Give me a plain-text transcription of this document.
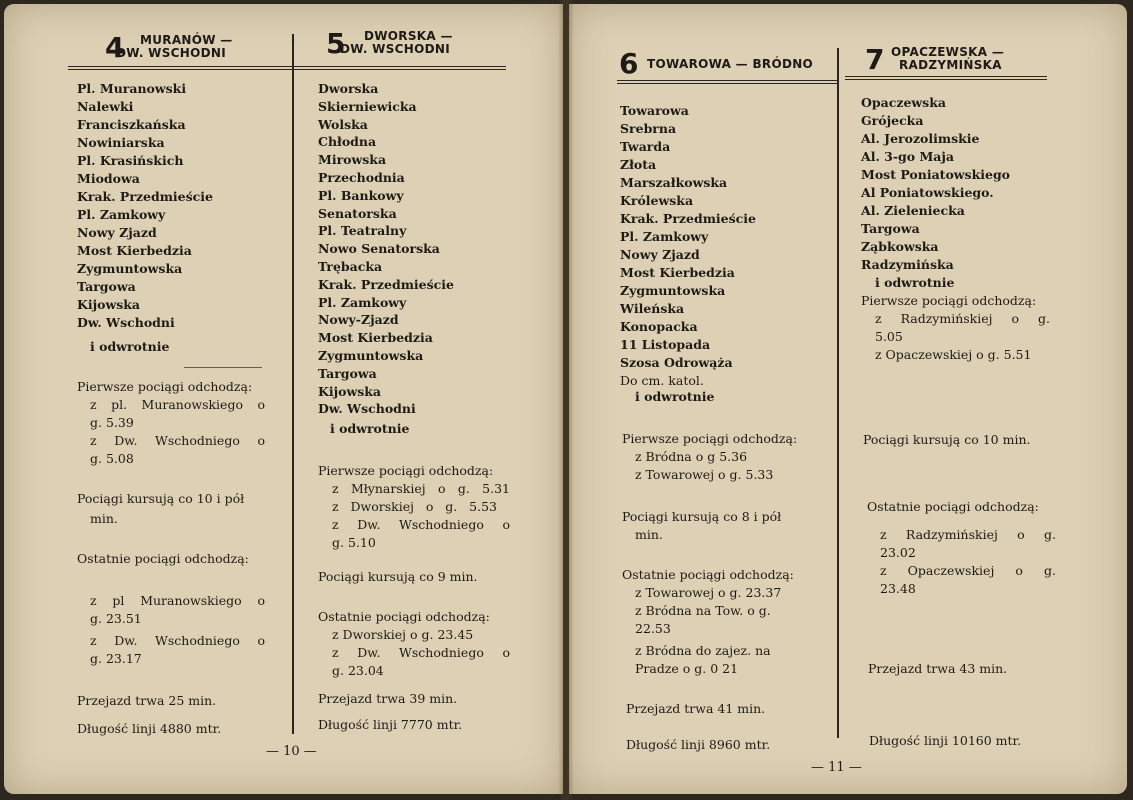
4	MURANÓW —
DW. WSCHODNI	5	DWORSKA —
DW. WSCHODNI
Pl. Muranowski
Nalewki
Franciszkańska
Nowiniarska
Pl. Krasińskich
Miodowa
Krak. Przedmieście
Pl. Zamkowy
Nowy Zjazd
Most Kierbedzia
Zygmuntowska
Targowa
Kijowska
Dw. Wschodni
i odwrotnie
Pierwsze pociągi odchodzą:
z pl. Muranowskiego o
g. 5.39
z Dw. Wschodniego o
g. 5.08
Pociągi kursują co 10 i pół
min.
Ostatnie pociągi odchodzą:
z pl Muranowskiego o
g. 23.51
z Dw. Wschodniego o
g. 23.17
Przejazd trwa 25 min.
Długość linji 4880 mtr.
Dworska
Skierniewicka
Wolska
Chłodna
Mirowska
Przechodnia
Pl. Bankowy
Senatorska
Pl. Teatralny
Nowo Senatorska
Trębacka
Krak. Przedmieście
Pl. Zamkowy
Nowy-Zjazd
Most Kierbedzia
Zygmuntowska
Targowa
Kijowska
Dw. Wschodni
i odwrotnie
Pierwsze pociągi odchodzą:
z Młynarskiej o g. 5.31
z Dworskiej o g. 5.53
z Dw. Wschodniego o
g. 5.10
Pociągi kursują co 9 min.
Ostatnie pociągi odchodzą:
z Dworskiej o g. 23.45
z Dw. Wschodniego o
g. 23.04
Przejazd trwa 39 min.
Długość linji 7770 mtr.
— 10 —
6 TOWAROWA — BRÓDNO 7 OPACZEWSKA —
RADZYMIŃSKA
Towarowa
Srebrna
Twarda
Złota
Marszałkowska
Królewska
Krak. Przedmieście
Pl. Zamkowy
Nowy Zjazd
Most Kierbedzia
Zygmuntowska
Wileńska
Konopacka
11 Listopada
Szosa Odrowąża
Do cm. katol.
i odwrotnie
Pierwsze pociągi odchodzą:
z Bródna o g 5.36
z Towarowej o g. 5.33
Pociągi kursują co 8 i pół
min.
Ostatnie pociągi odchodzą:
z Towarowej o g. 23.37
z Bródna na Tow. o g.
22.53
z Bródna do zajez. na
Pradze o g. 0 21
Przejazd trwa 41 min.
Długość linji 8960 mtr.
Opaczewska
Grójecka
Al. Jerozolimskie
Al. 3-go Maja
Most Poniatowskiego
Al Poniatowskiego.
Al. Zieleniecka
Targowa
Ząbkowska
Radzymińska
i odwrotnie
Pierwsze pociągi odchodzą:
z Radzymińskiej o g.
5.05
z Opaczewskiej o g. 5.51
Pociągi kursują co 10 min.
Ostatnie pociągi odchodzą:
z Radzymińskiej o g.
23.02
z Opaczewskiej o g.
23.48
Przejazd trwa 43 min.
Długość linji 10160 mtr.
— 11 —
